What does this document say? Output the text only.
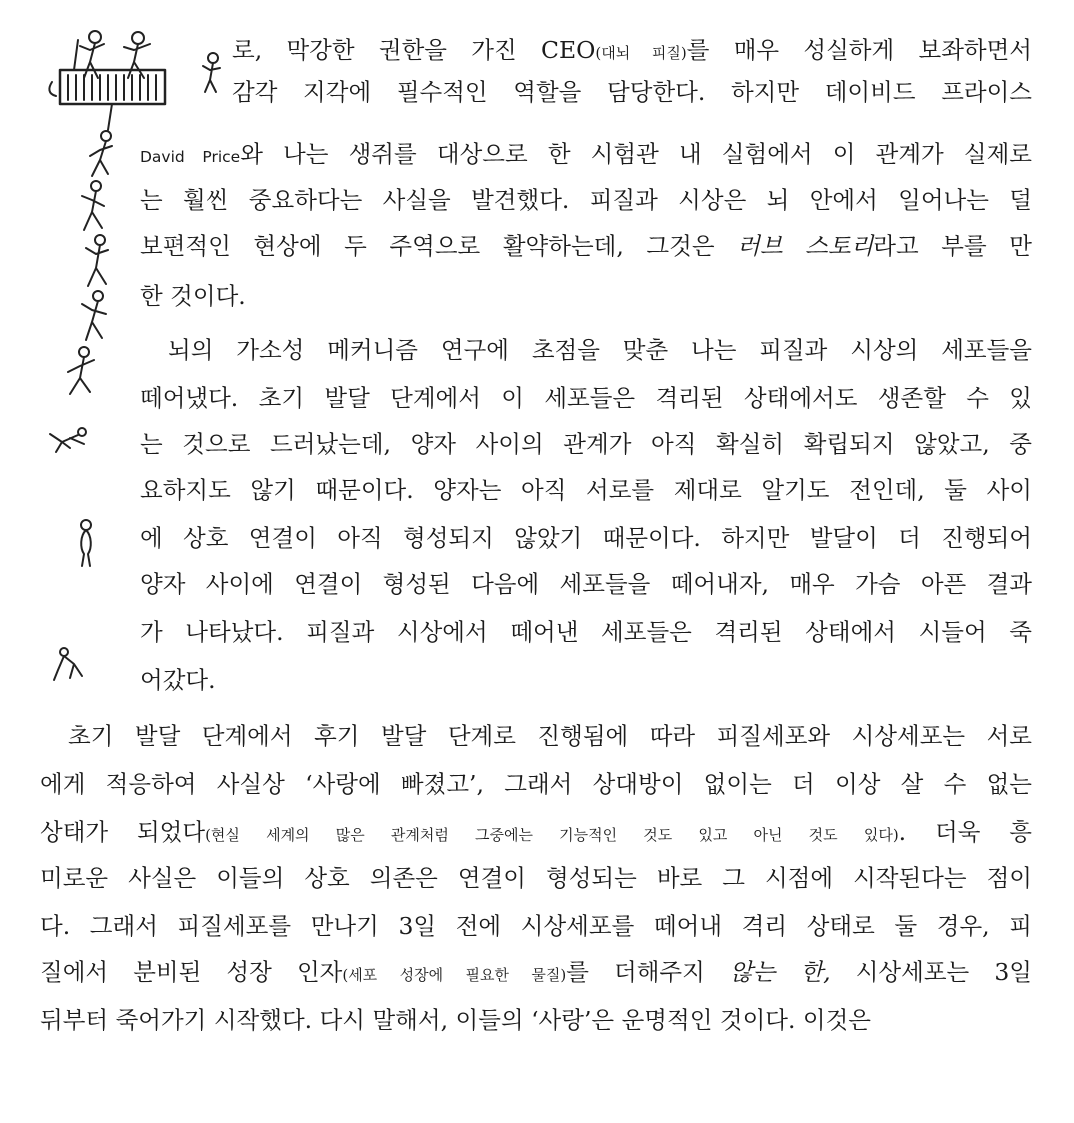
로, 막강한 권한을 가진 CEO(대뇌 피질)를 매우 성실하게 보좌하면서
감각 지각에 필수적인 역할을 담당한다. 하지만 데이비드 프라이스
David Price와 나는 생쥐를 대상으로 한 시험관 내 실험에서 이 관계가 실제로
는 훨씬 중요하다는 사실을 발견했다. 피질과 시상은 뇌 안에서 일어나는 덜
보편적인 현상에 두 주역으로 활약하는데, 그것은 러브 스토리라고 부를 만
한 것이다.
뇌의 가소성 메커니즘 연구에 초점을 맞춘 나는 피질과 시상의 세포들을
떼어냈다. 초기 발달 단계에서 이 세포들은 격리된 상태에서도 생존할 수 있
는 것으로 드러났는데, 양자 사이의 관계가 아직 확실히 확립되지 않았고, 중
요하지도 않기 때문이다. 양자는 아직 서로를 제대로 알기도 전인데, 둘 사이
에 상호 연결이 아직 형성되지 않았기 때문이다. 하지만 발달이 더 진행되어
양자 사이에 연결이 형성된 다음에 세포들을 떼어내자, 매우 가슴 아픈 결과
가 나타났다. 피질과 시상에서 떼어낸 세포들은 격리된 상태에서 시들어 죽
어갔다.
초기 발달 단계에서 후기 발달 단계로 진행됨에 따라 피질세포와 시상세포는 서로
에게 적응하여 사실상 ‘사랑에 빠졌고’, 그래서 상대방이 없이는 더 이상 살 수 없는
상태가 되었다(현실 세계의 많은 관계처럼 그중에는 기능적인 것도 있고 아닌 것도 있다). 더욱 흥
미로운 사실은 이들의 상호 의존은 연결이 형성되는 바로 그 시점에 시작된다는 점이
다. 그래서 피질세포를 만나기 3일 전에 시상세포를 떼어내 격리 상태로 둘 경우, 피
질에서 분비된 성장 인자(세포 성장에 필요한 물질)를 더해주지 않는 한, 시상세포는 3일
뒤부터 죽어가기 시작했다. 다시 말해서, 이들의 ‘사랑’은 운명적인 것이다. 이것은
